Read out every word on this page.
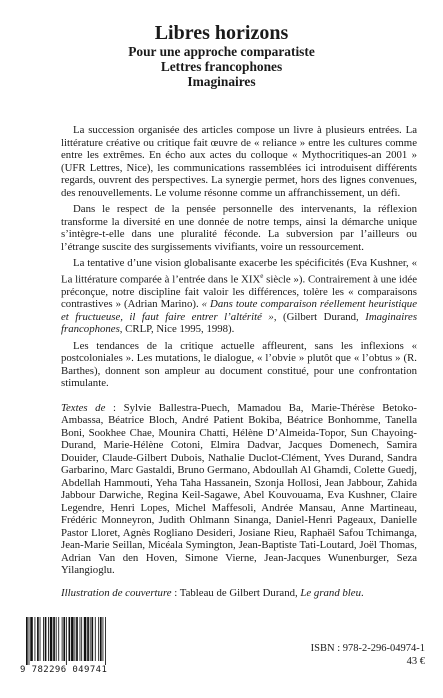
Libres horizons

Pour une approche comparatiste

Lettres francophones

Imaginaires

La succession organisée des articles compose un livre à plusieurs entrées. La littérature créative ou critique fait œuvre de « reliance » entre les cultures comme entre les extrêmes. En écho aux actes du colloque « Mythocritiques-an 2001 » (UFR Lettres, Nice), les communications rassemblées ici introduisent différents regards, ouvrent des perspectives. La synergie permet, hors des lignes convenues, des renouvellements. Le volume résonne comme un affranchissement, un défi.

Dans le respect de la pensée personnelle des intervenants, la réflexion transforme la diversité en une donnée de notre temps, ainsi la démarche unique s’intègre-t-elle dans une pluralité féconde. La subversion par l’ailleurs ou l’étrange suscite des surgissements vivifiants, voire un ressourcement.

La tentative d’une vision globalisante exacerbe les spécificités (Eva Kushner, « La littérature comparée à l’entrée dans le XIXe siècle »). Contrairement à une idée préconçue, notre discipline fait valoir les différences, tolère les « comparaisons contrastives » (Adrian Marino). « Dans toute comparaison réellement heuristique et fructueuse, il faut faire entrer l’altérité », (Gilbert Durand, Imaginaires francophones, CRLP, Nice 1995, 1998).

Les tendances de la critique actuelle affleurent, sans les inflexions « postcoloniales ». Les mutations, le dialogue, « l’obvie » plutôt que « l’obtus » (R. Barthes), donnent son ampleur au document constitué, pour une confrontation stimulante.

Textes de : Sylvie Ballestra-Puech, Mamadou Ba, Marie-Thérèse Betoko-Ambassa, Béatrice Bloch, André Patient Bokiba, Béatrice Bonhomme, Tanella Boni, Sookhee Chae, Mounira Chatti, Hélène D’Almeida-Topor, Sun Chayoing-Durand, Marie-Hélène Cotoni, Elmira Dadvar, Jacques Domenech, Samira Douider, Claude-Gilbert Dubois, Nathalie Duclot-Clément, Yves Durand, Sandra Garbarino, Marc Gastaldi, Bruno Germano, Abdoullah Al Ghamdi, Colette Guedj, Abdellah Hammouti, Yeha Taha Hassanein, Szonja Hollosi, Jean Jabbour, Zahida Jabbour Darwiche, Regina Keil-Sagawe, Abel Kouvouama, Eva Kushner, Claire Legendre, Henri Lopes, Michel Maffesoli, Andrée Mansau, Anne Martineau, Frédéric Monneyron, Judith Ohlmann Sinanga, Daniel-Henri Pageaux, Danielle Pastor Lloret, Agnès Rogliano Desideri, Josiane Rieu, Raphaël Safou Tchimanga, Jean-Marie Seillan, Micéala Symington, Jean-Baptiste Tati-Loutard, Joël Thomas, Adrian Van den Hoven, Simone Vierne, Jean-Jacques Wunenburger, Seza Yilangioglu.

Illustration de couverture : Tableau de Gilbert Durand, Le grand bleu.

9 782296 049741
ISBN : 978-2-296-04974-1
43 €
